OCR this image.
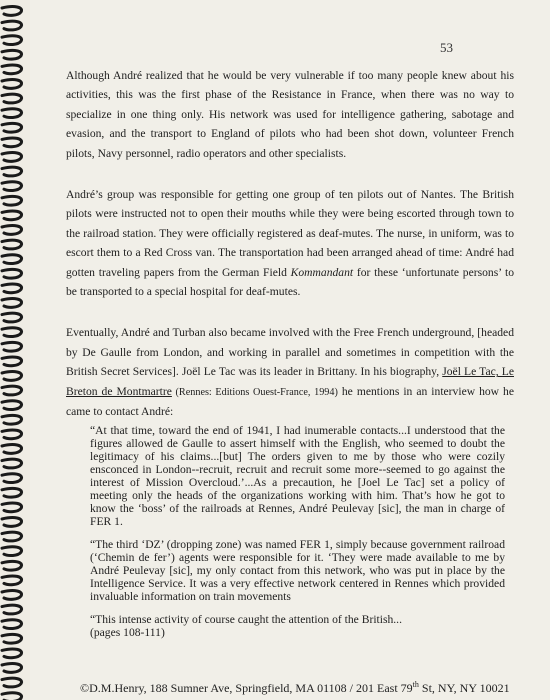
53

Although André realized that he would be very vulnerable if too many people knew about his activities, this was the first phase of the Resistance in France, when there was no way to specialize in one thing only. His network was used for intelligence gathering, sabotage and evasion, and the transport to England of pilots who had been shot down, volunteer French pilots, Navy personnel, radio operators and other specialists.

André’s group was responsible for getting one group of ten pilots out of Nantes. The British pilots were instructed not to open their mouths while they were being escorted through town to the railroad station. They were officially registered as deaf-mutes. The nurse, in uniform, was to escort them to a Red Cross van. The transportation had been arranged ahead of time: André had gotten traveling papers from the German Field Kommandant for these ‘unfortunate persons’ to be transported to a special hospital for deaf-mutes.

Eventually, André and Turban also became involved with the Free French underground, [headed by De Gaulle from London, and working in parallel and sometimes in competition with the British Secret Services]. Joël Le Tac was its leader in Brittany. In his biography, Joël Le Tac, Le Breton de Montmartre (Rennes: Editions Ouest-France, 1994) he mentions in an interview how he came to contact André:

“At that time, toward the end of 1941, I had inumerable contacts...I understood that the figures allowed de Gaulle to assert himself with the English, who seemed to doubt the legitimacy of his claims...[but] The orders given to me by those who were cozily ensconced in London--recruit, recruit and recruit some more--seemed to go against the interest of Mission Overcloud.’...As a precaution, he [Joel Le Tac] set a policy of meeting only the heads of the organizations working with him. That’s how he got to know the ‘boss’ of the railroads at Rennes, André Peulevay [sic], the man in charge of FER 1.

“The third ‘DZ’ (dropping zone) was named FER 1, simply because government railroad (‘Chemin de fer’) agents were responsible for it. ‘They were made available to me by André Peulevay [sic], my only contact from this network, who was put in place by the Intelligence Service. It was a very effective network centered in Rennes which provided invaluable information on train movements

“This intense activity of course caught the attention of the British...
(pages 108-111)

©D.M.Henry, 188 Sumner Ave, Springfield, MA 01108 / 201 East 79th St, NY, NY 10021
